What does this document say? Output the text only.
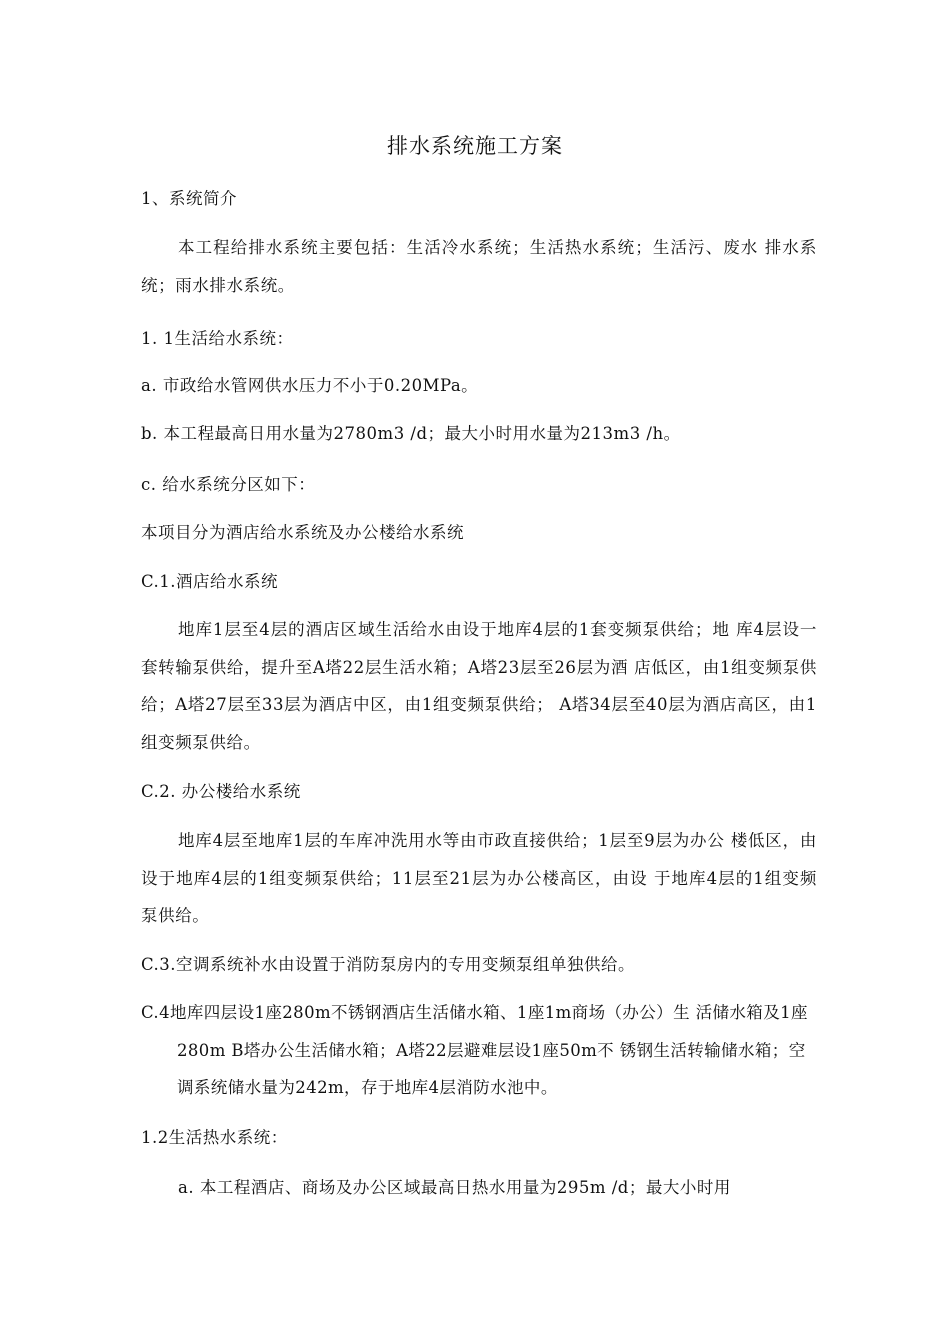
排水系统施工方案
1、系统简介
本工程给排水系统主要包括：生活冷水系统；生活热水系统；生活污、废水 排水系统；雨水排水系统。
1. 1生活给水系统：
a. 市政给水管网供水压力不小于0.20MPa。
b. 本工程最高日用水量为2780m3 /d；最大小时用水量为213m3 /h。
c. 给水系统分区如下：
本项目分为酒店给水系统及办公楼给水系统
C.1.酒店给水系统
地库1层至4层的酒店区域生活给水由设于地库4层的1套变频泵供给；地 库4层设一套转输泵供给，提升至A塔22层生活水箱；A塔23层至26层为酒 店低区，由1组变频泵供给；A塔27层至33层为酒店中区，由1组变频泵供给； A塔34层至40层为酒店高区，由1组变频泵供给。
C.2. 办公楼给水系统
地库4层至地库1层的车库冲洗用水等由市政直接供给；1层至9层为办公 楼低区，由设于地库4层的1组变频泵供给；11层至21层为办公楼高区，由设 于地库4层的1组变频泵供给。
C.3.空调系统补水由设置于消防泵房内的专用变频泵组单独供给。
C.4地库四层设1座280m不锈钢酒店生活储水箱、1座1m商场（办公）生 活储水箱及1座280m B塔办公生活储水箱；A塔22层避难层设1座50m不 锈钢生活转输储水箱；空调系统储水量为242m，存于地库4层消防水池中。
1.2生活热水系统：
a. 本工程酒店、商场及办公区域最高日热水用量为295m /d；最大小时用
